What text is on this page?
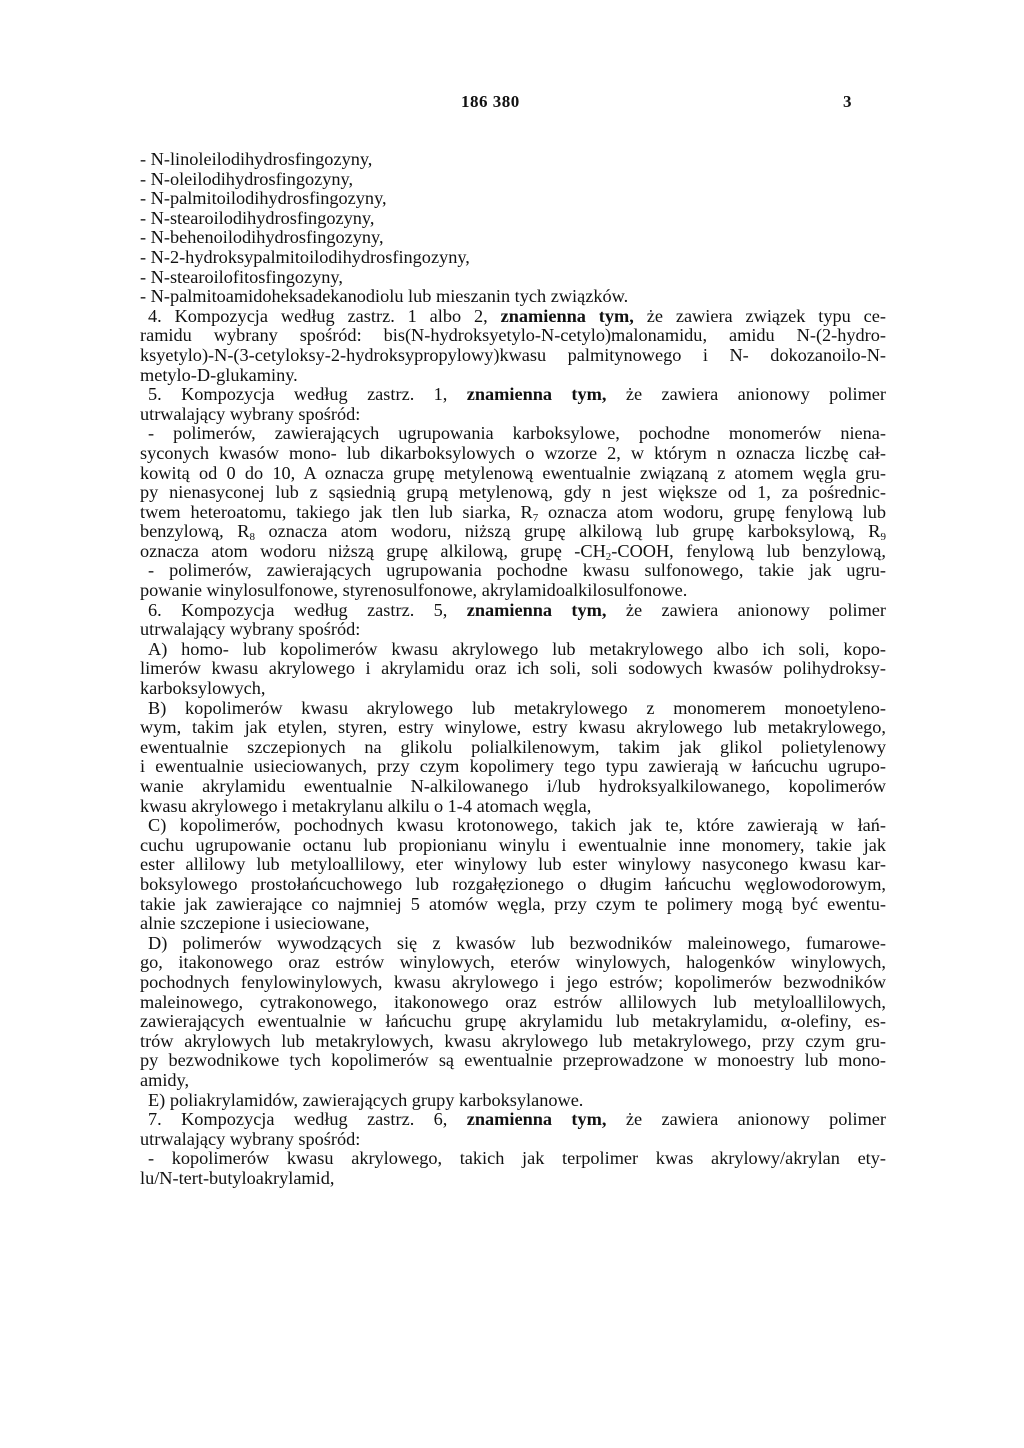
186 380	3
- N-linoleilodihydrosfingozyny,
- N-oleilodihydrosfingozyny,
- N-palmitoilodihydrosfingozyny,
- N-stearoilodihydrosfingozyny,
- N-behenoilodihydrosfingozyny,
- N-2-hydroksypalmitoilodihydrosfingozyny,
- N-stearoilofitosfingozyny,
- N-palmitoamidoheksadekanodiolu lub mieszanin tych związków.
4. Kompozycja według zastrz. 1 albo 2, znamienna tym, że zawiera związek typu ce-
ramidu wybrany spośród: bis(N-hydroksyetylo-N-cetylo)malonamidu, amidu N-(2-hydro-
ksyetylo)-N-(3-cetyloksy-2-hydroksypropylowy)kwasu palmitynowego i N- dokozanoilo-N-
metylo-D-glukaminy.
5. Kompozycja według zastrz. 1, znamienna tym, że zawiera anionowy polimer
utrwalający wybrany spośród:
- polimerów, zawierających ugrupowania karboksylowe, pochodne monomerów niena-
syconych kwasów mono- lub dikarboksylowych o wzorze 2, w którym n oznacza liczbę cał-
kowitą od 0 do 10, A oznacza grupę metylenową ewentualnie związaną z atomem węgla gru-
py nienasyconej lub z sąsiednią grupą metylenową, gdy n jest większe od 1, za pośrednic-
twem heteroatomu, takiego jak tlen lub siarka, $R_7$ oznacza atom wodoru, grupę fenylową lub
benzylową, $R_8$ oznacza atom wodoru, niższą grupę alkilową lub grupę karboksylową, $R_9$
oznacza atom wodoru niższą grupę alkilową, grupę $-CH_2$-COOH, fenylową lub benzylową,
- polimerów, zawierających ugrupowania pochodne kwasu sulfonowego, takie jak ugru-
powanie winylosulfonowe, styrenosulfonowe, akrylamidoalkilosulfonowe.
6. Kompozycja według zastrz. 5, znamienna tym, że zawiera anionowy polimer
utrwalający wybrany spośród:
A) homo- lub kopolimerów kwasu akrylowego lub metakrylowego albo ich soli, kopo-
limerów kwasu akrylowego i akrylamidu oraz ich soli, soli sodowych kwasów polihydroksy-
karboksylowych,
B) kopolimerów kwasu akrylowego lub metakrylowego z monomerem monoetyleno-
wym, takim jak etylen, styren, estry winylowe, estry kwasu akrylowego lub metakrylowego,
ewentualnie szczepionych na glikolu polialkilenowym, takim jak glikol polietylenowy
i ewentualnie usieciowanych, przy czym kopolimery tego typu zawierają w łańcuchu ugrupo-
wanie akrylamidu ewentualnie N-alkilowanego i/lub hydroksyalkilowanego, kopolimerów
kwasu akrylowego i metakrylanu alkilu o 1-4 atomach węgla,
C) kopolimerów, pochodnych kwasu krotonowego, takich jak te, które zawierają w łań-
cuchu ugrupowanie octanu lub propionianu winylu i ewentualnie inne monomery, takie jak
ester allilowy lub metyloallilowy, eter winylowy lub ester winylowy nasyconego kwasu kar-
boksylowego prostołańcuchowego lub rozgałęzionego o długim łańcuchu węglowodorowym,
takie jak zawierające co najmniej 5 atomów węgla, przy czym te polimery mogą być ewentu-
alnie szczepione i usieciowane,
D) polimerów wywodzących się z kwasów lub bezwodników maleinowego, fumarowe-
go, itakonowego oraz estrów winylowych, eterów winylowych, halogenków winylowych,
pochodnych fenylowinylowych, kwasu akrylowego i jego estrów; kopolimerów bezwodników
maleinowego, cytrakonowego, itakonowego oraz estrów allilowych lub metyloallilowych,
zawierających ewentualnie w łańcuchu grupę akrylamidu lub metakrylamidu, α-olefiny, es-
trów akrylowych lub metakrylowych, kwasu akrylowego lub metakrylowego, przy czym gru-
py bezwodnikowe tych kopolimerów są ewentualnie przeprowadzone w monoestry lub mono-
amidy,
E) poliakrylamidów, zawierających grupy karboksylanowe.
7. Kompozycja według zastrz. 6, znamienna tym, że zawiera anionowy polimer
utrwalający wybrany spośród:
- kopolimerów kwasu akrylowego, takich jak terpolimer kwas akrylowy/akrylan ety-
lu/N-tert-butyloakrylamid,
